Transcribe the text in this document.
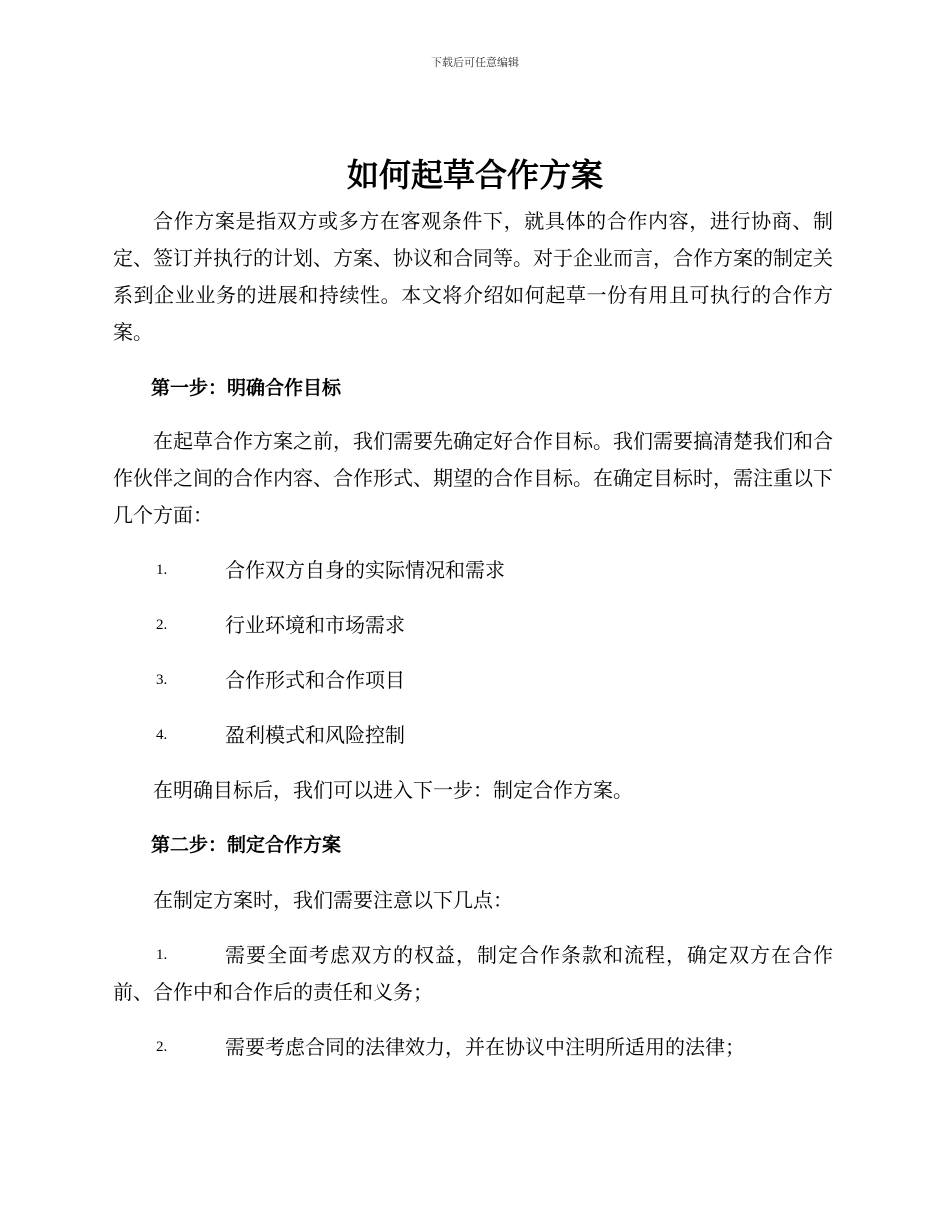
下载后可任意编辑
如何起草合作方案

合作方案是指双方或多方在客观条件下，就具体的合作内容，进行协商、制定、签订并执行的计划、方案、协议和合同等。对于企业而言，合作方案的制定关系到企业业务的进展和持续性。本文将介绍如何起草一份有用且可执行的合作方案。

第一步：明确合作目标

在起草合作方案之前，我们需要先确定好合作目标。我们需要搞清楚我们和合作伙伴之间的合作内容、合作形式、期望的合作目标。在确定目标时，需注重以下几个方面：

1.	合作双方自身的实际情况和需求

2.	行业环境和市场需求

3.	合作形式和合作项目

4.	盈利模式和风险控制

在明确目标后，我们可以进入下一步：制定合作方案。

第二步：制定合作方案

在制定方案时，我们需要注意以下几点：

1.	需要全面考虑双方的权益，制定合作条款和流程，确定双方在合作前、合作中和合作后的责任和义务；

2.	需要考虑合同的法律效力，并在协议中注明所适用的法律；
